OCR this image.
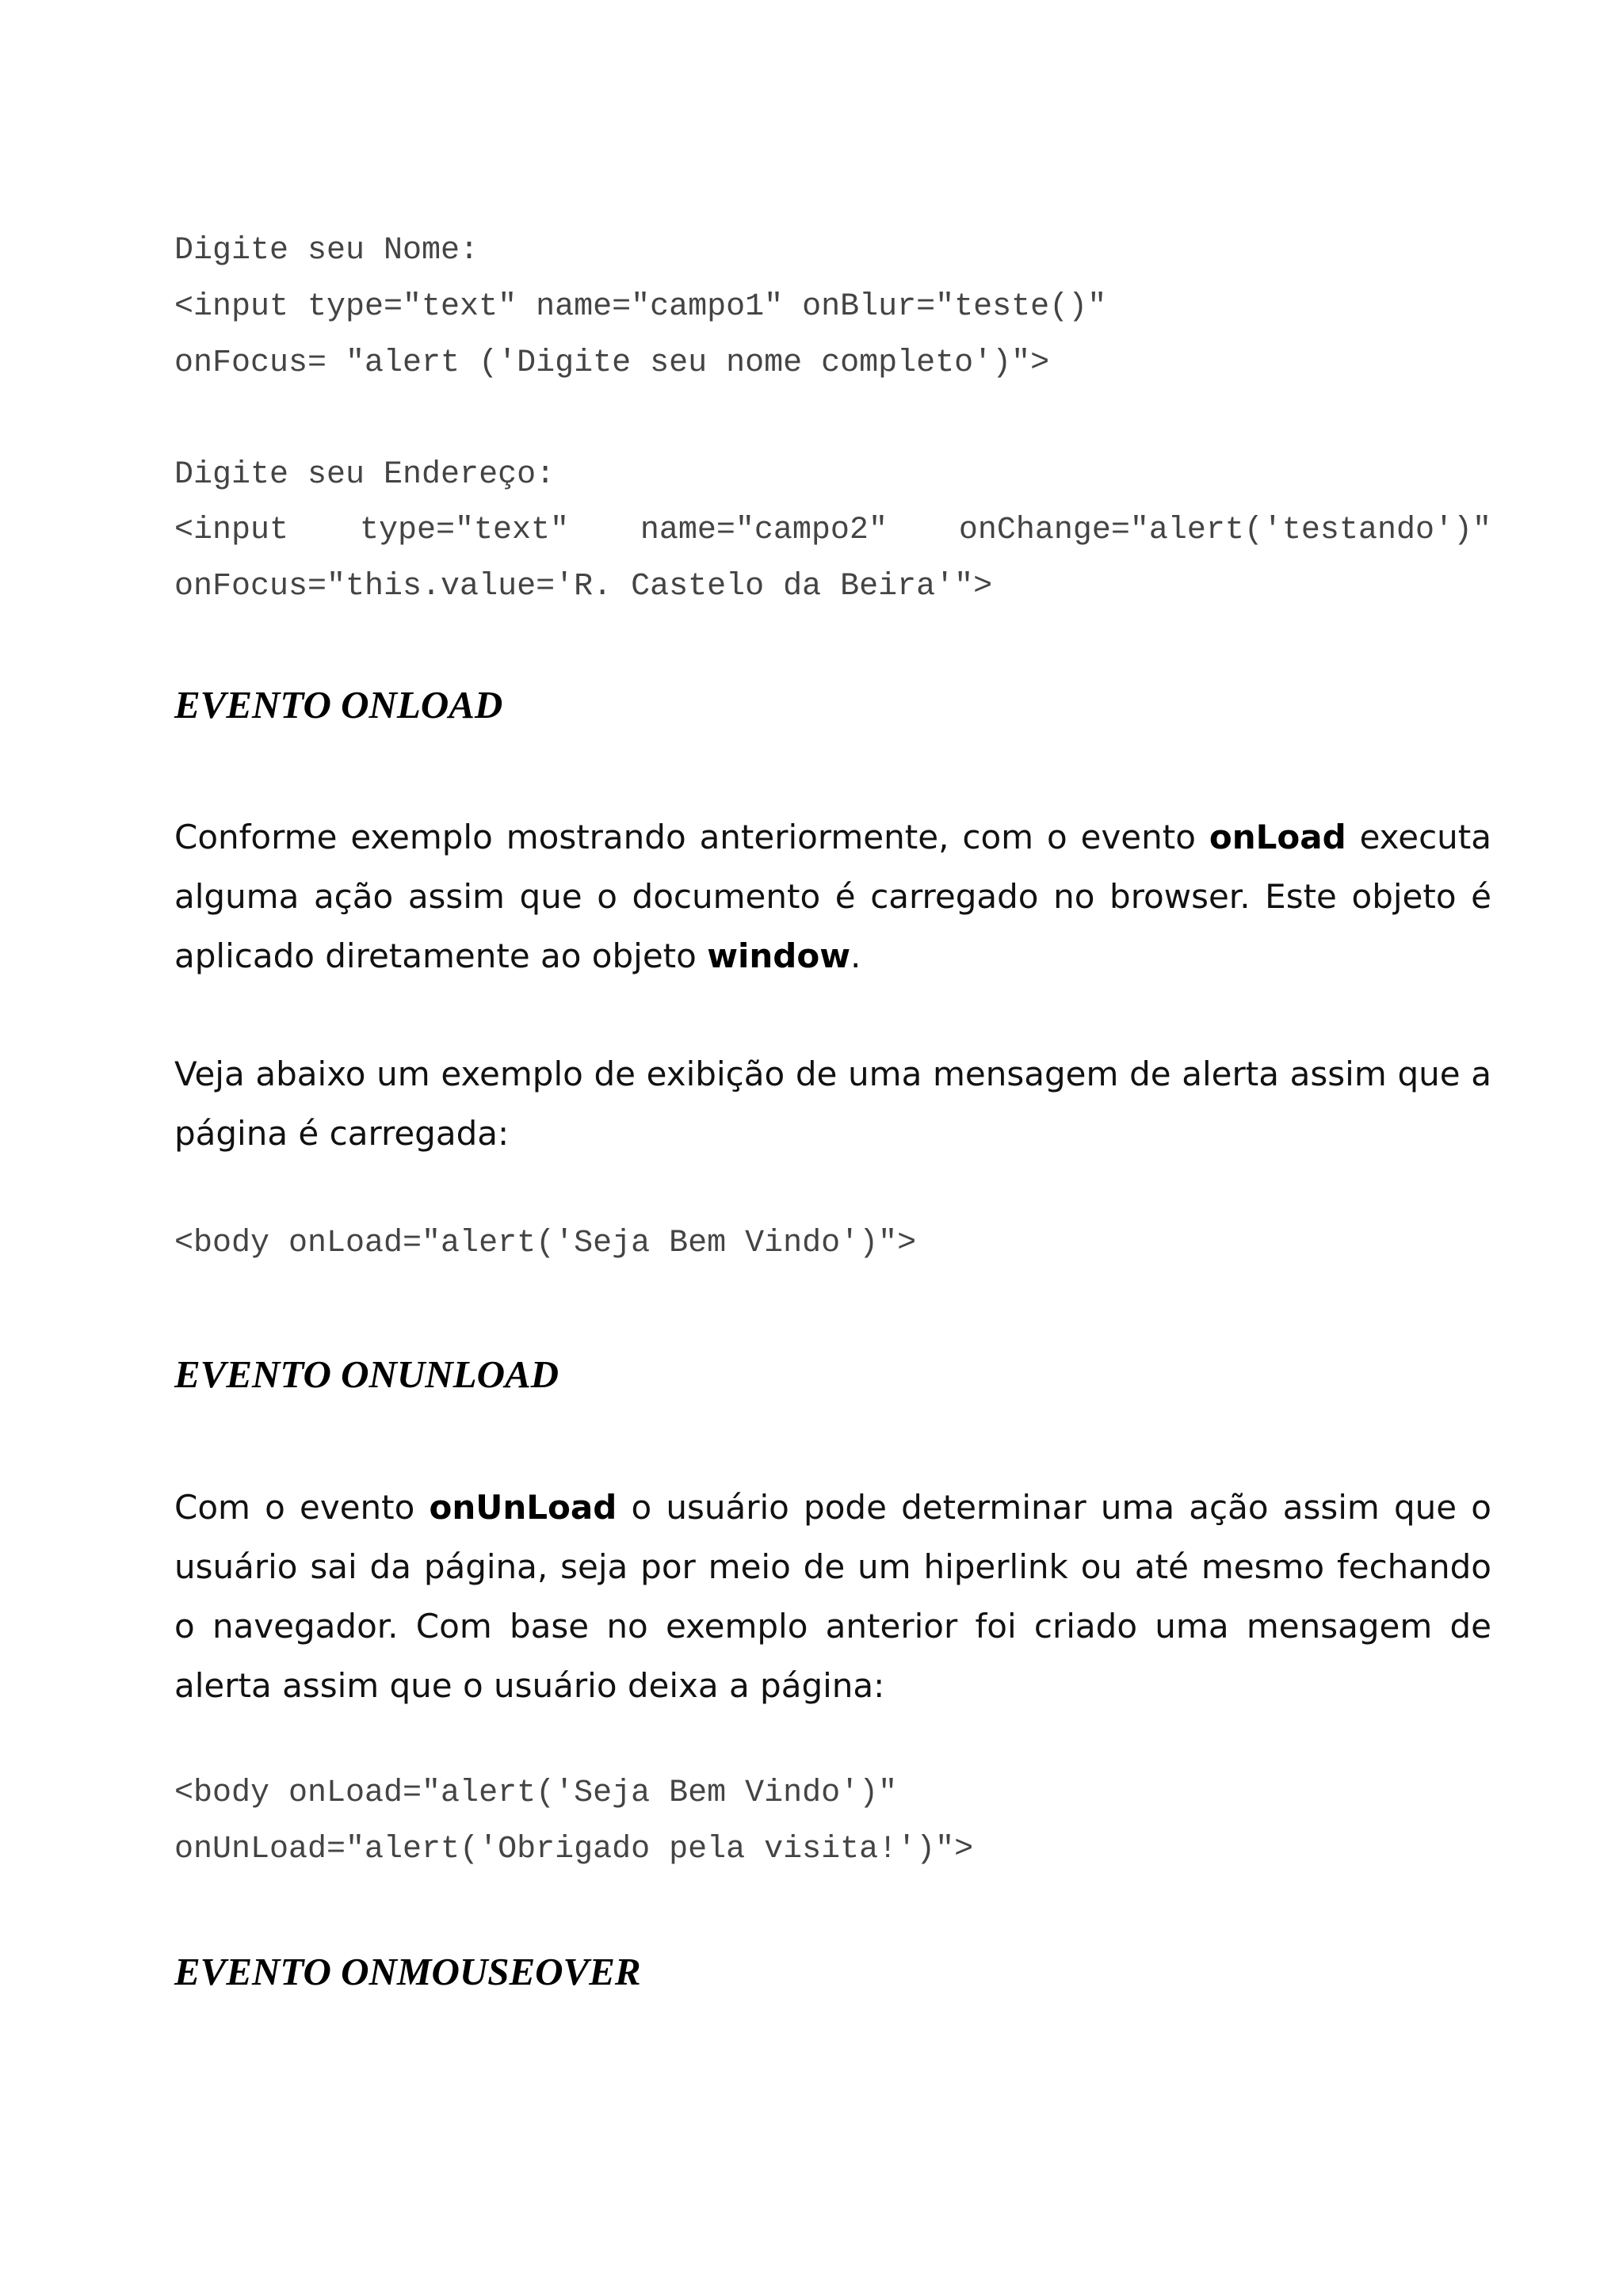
Digite seu Nome:
<input type="text" name="campo1" onBlur="teste()"
onFocus= "alert ('Digite seu nome completo')">
Digite seu Endereço:
<input type="text" name="campo2" onChange="alert('testando')"
onFocus="this.value='R. Castelo da Beira'">
EVENTO ONLOAD

Conforme exemplo mostrando anteriormente, com o evento onLoad executa alguma ação assim que o documento é carregado no browser. Este objeto é aplicado diretamente ao objeto window.

Veja abaixo um exemplo de exibição de uma mensagem de alerta assim que a página é carregada:

<body onLoad="alert('Seja Bem Vindo')">
EVENTO ONUNLOAD

Com o evento onUnLoad o usuário pode determinar uma ação assim que o usuário sai da página, seja por meio de um hiperlink ou até mesmo fechando o navegador. Com base no exemplo anterior foi criado uma mensagem de alerta assim que o usuário deixa a página:

<body onLoad="alert('Seja Bem Vindo')"
onUnLoad="alert('Obrigado pela visita!')">
EVENTO ONMOUSEOVER
